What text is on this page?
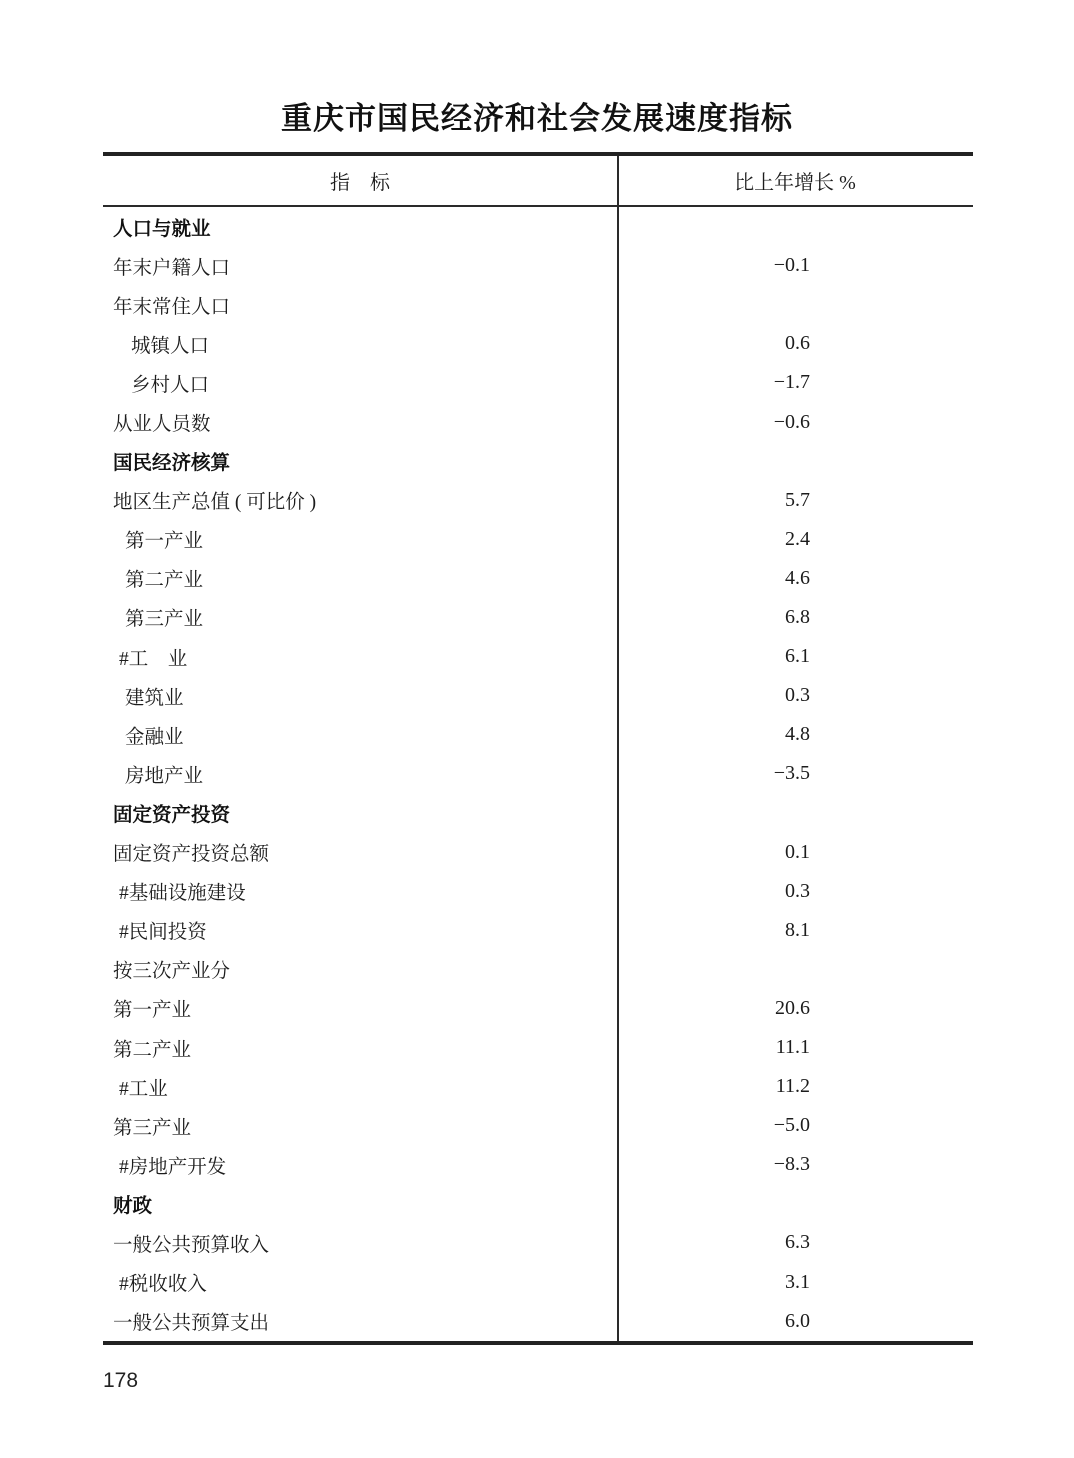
重庆市国民经济和社会发展速度指标
指　标	比上年增长 %
人口与就业
年末户籍人口	−0.1
年末常住人口
城镇人口	0.6
乡村人口	−1.7
从业人员数	−0.6
国民经济核算
地区生产总值 ( 可比价 )	5.7
第一产业	2.4
第二产业	4.6
第三产业	6.8
#工　业	6.1
建筑业	0.3
金融业	4.8
房地产业	−3.5
固定资产投资
固定资产投资总额	0.1
#基础设施建设	0.3
#民间投资	8.1
按三次产业分
第一产业	20.6
第二产业	11.1
#工业	11.2
第三产业	−5.0
#房地产开发	−8.3
财政
一般公共预算收入	6.3
#税收收入	3.1
一般公共预算支出	6.0
178
